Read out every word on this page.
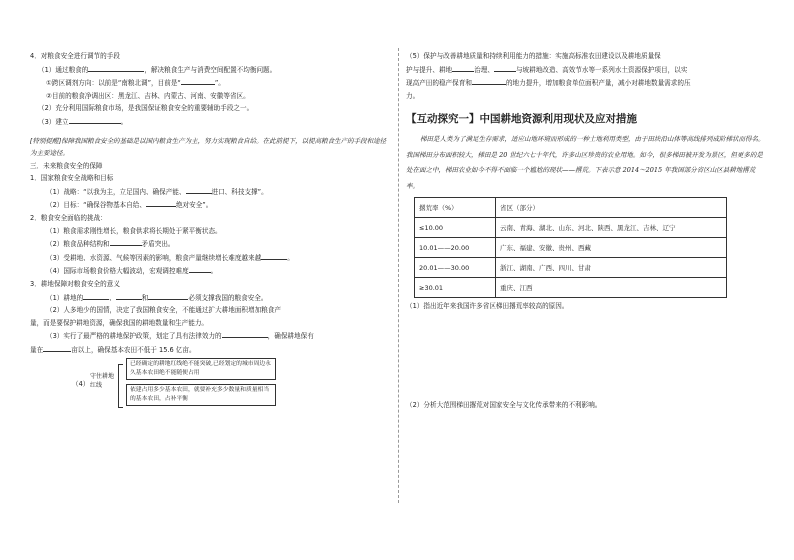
4．对粮食安全进行调节的手段
（1）通过粮食的	，解决粮食生产与消费空间配置不均衡问题。
①跨区调剂方向：以前是“南粮北调”，目前是“	”。
②目前的粮食净调出区：黑龙江、吉林、内蒙古、河南、安徽等省区。
（2）充分利用国际粮食市场，是我国保证粮食安全的重要辅助手段之一。
（3）建立	。
[特别提醒]保障我国粮食安全的基础是以国内粮食生产为主，努力实现粮食自给。在此前提下，以提高粮食生产的手段和途径为主要途径。
三．未来粮食安全的保障
1．国家粮食安全战略和目标
（1）战略：“以我为主，立足国内、确保产能、	进口、科技支撑”。
（2）目标：“确保谷物基本自给、	绝对安全”。
2．粮食安全面临的挑战：
（1）粮食需求刚性增长，粮食供求将长期处于紧平衡状态。
（2）粮食品种结构和	矛盾突出。
（3）受耕地、水资源、气候等因素的影响，粮食产量继续增长难度越来越	。
（4）国际市场粮食价格大幅波动，宏观调控难度	。
3．耕地保障对粮食安全的意义
（1）耕地的	、	和	必须支撑我国的粮食安全。
（2）人多地少的国情，决定了我国粮食安全，不能通过扩大耕地面积增加粮食产
量，而是要保护耕地资源，确保我国的耕地数量和生产能力。
（3）实行了最严格的耕地保护政策，划定了具有法律效力的	，确保耕地保有
量在	亩以上，确保基本农田不低于 15.6 亿亩。
（4）
守住耕地红线
已经确定的耕地红线绝不能突破,已经划定的城市周边永久基本农田绝不能随便占用
依建占用多少基本农田，就要补充多少数量和质量相当的基本农田，占补平衡
（5）保护与改善耕地质量和持续利用能力的措施：实施高标准农田建设以及耕地质量保
护与提升、耕地	治理、	与坡耕地改造、高效节水等一系列水土资源保护项目，以实
现高产田的稳产保育和	的地力提升，增加粮食单位面积产量，减小对耕地数量需求的压
力。
【互动探究一】中国耕地资源利用现状及应对措施
梯田是人类为了满足生存需求，适应山地环境而形成的一种土地利用类型，由于田块沿山体等高线排列成阶梯状而得名。我国梯田分布面积较大，梯田是 20 世纪六七十年代，许多山区珍贵的农业用地。如今，很多梯田被开发为景区，但更多的是处在面之中，梯田农业如今不得不面临一个尴尬的现状——撂荒。下表示意 2014～2015 年我国部分省区山区县耕地撂荒率。
撂荒率（%）	省区（部分）
≤10.00	云南、青海、湖北、山东、河北、陕西、黑龙江、吉林、辽宁
10.01——20.00	广东、福建、安徽、贵州、西藏
20.01——30.00	浙江、湖南、广西、四川、甘肃
≥30.01	重庆、江西
（1）指出近年来我国许多省区梯田撂荒率较高的原因。
（2）分析大范围梯田撂荒对国家安全与文化传承带来的不利影响。
